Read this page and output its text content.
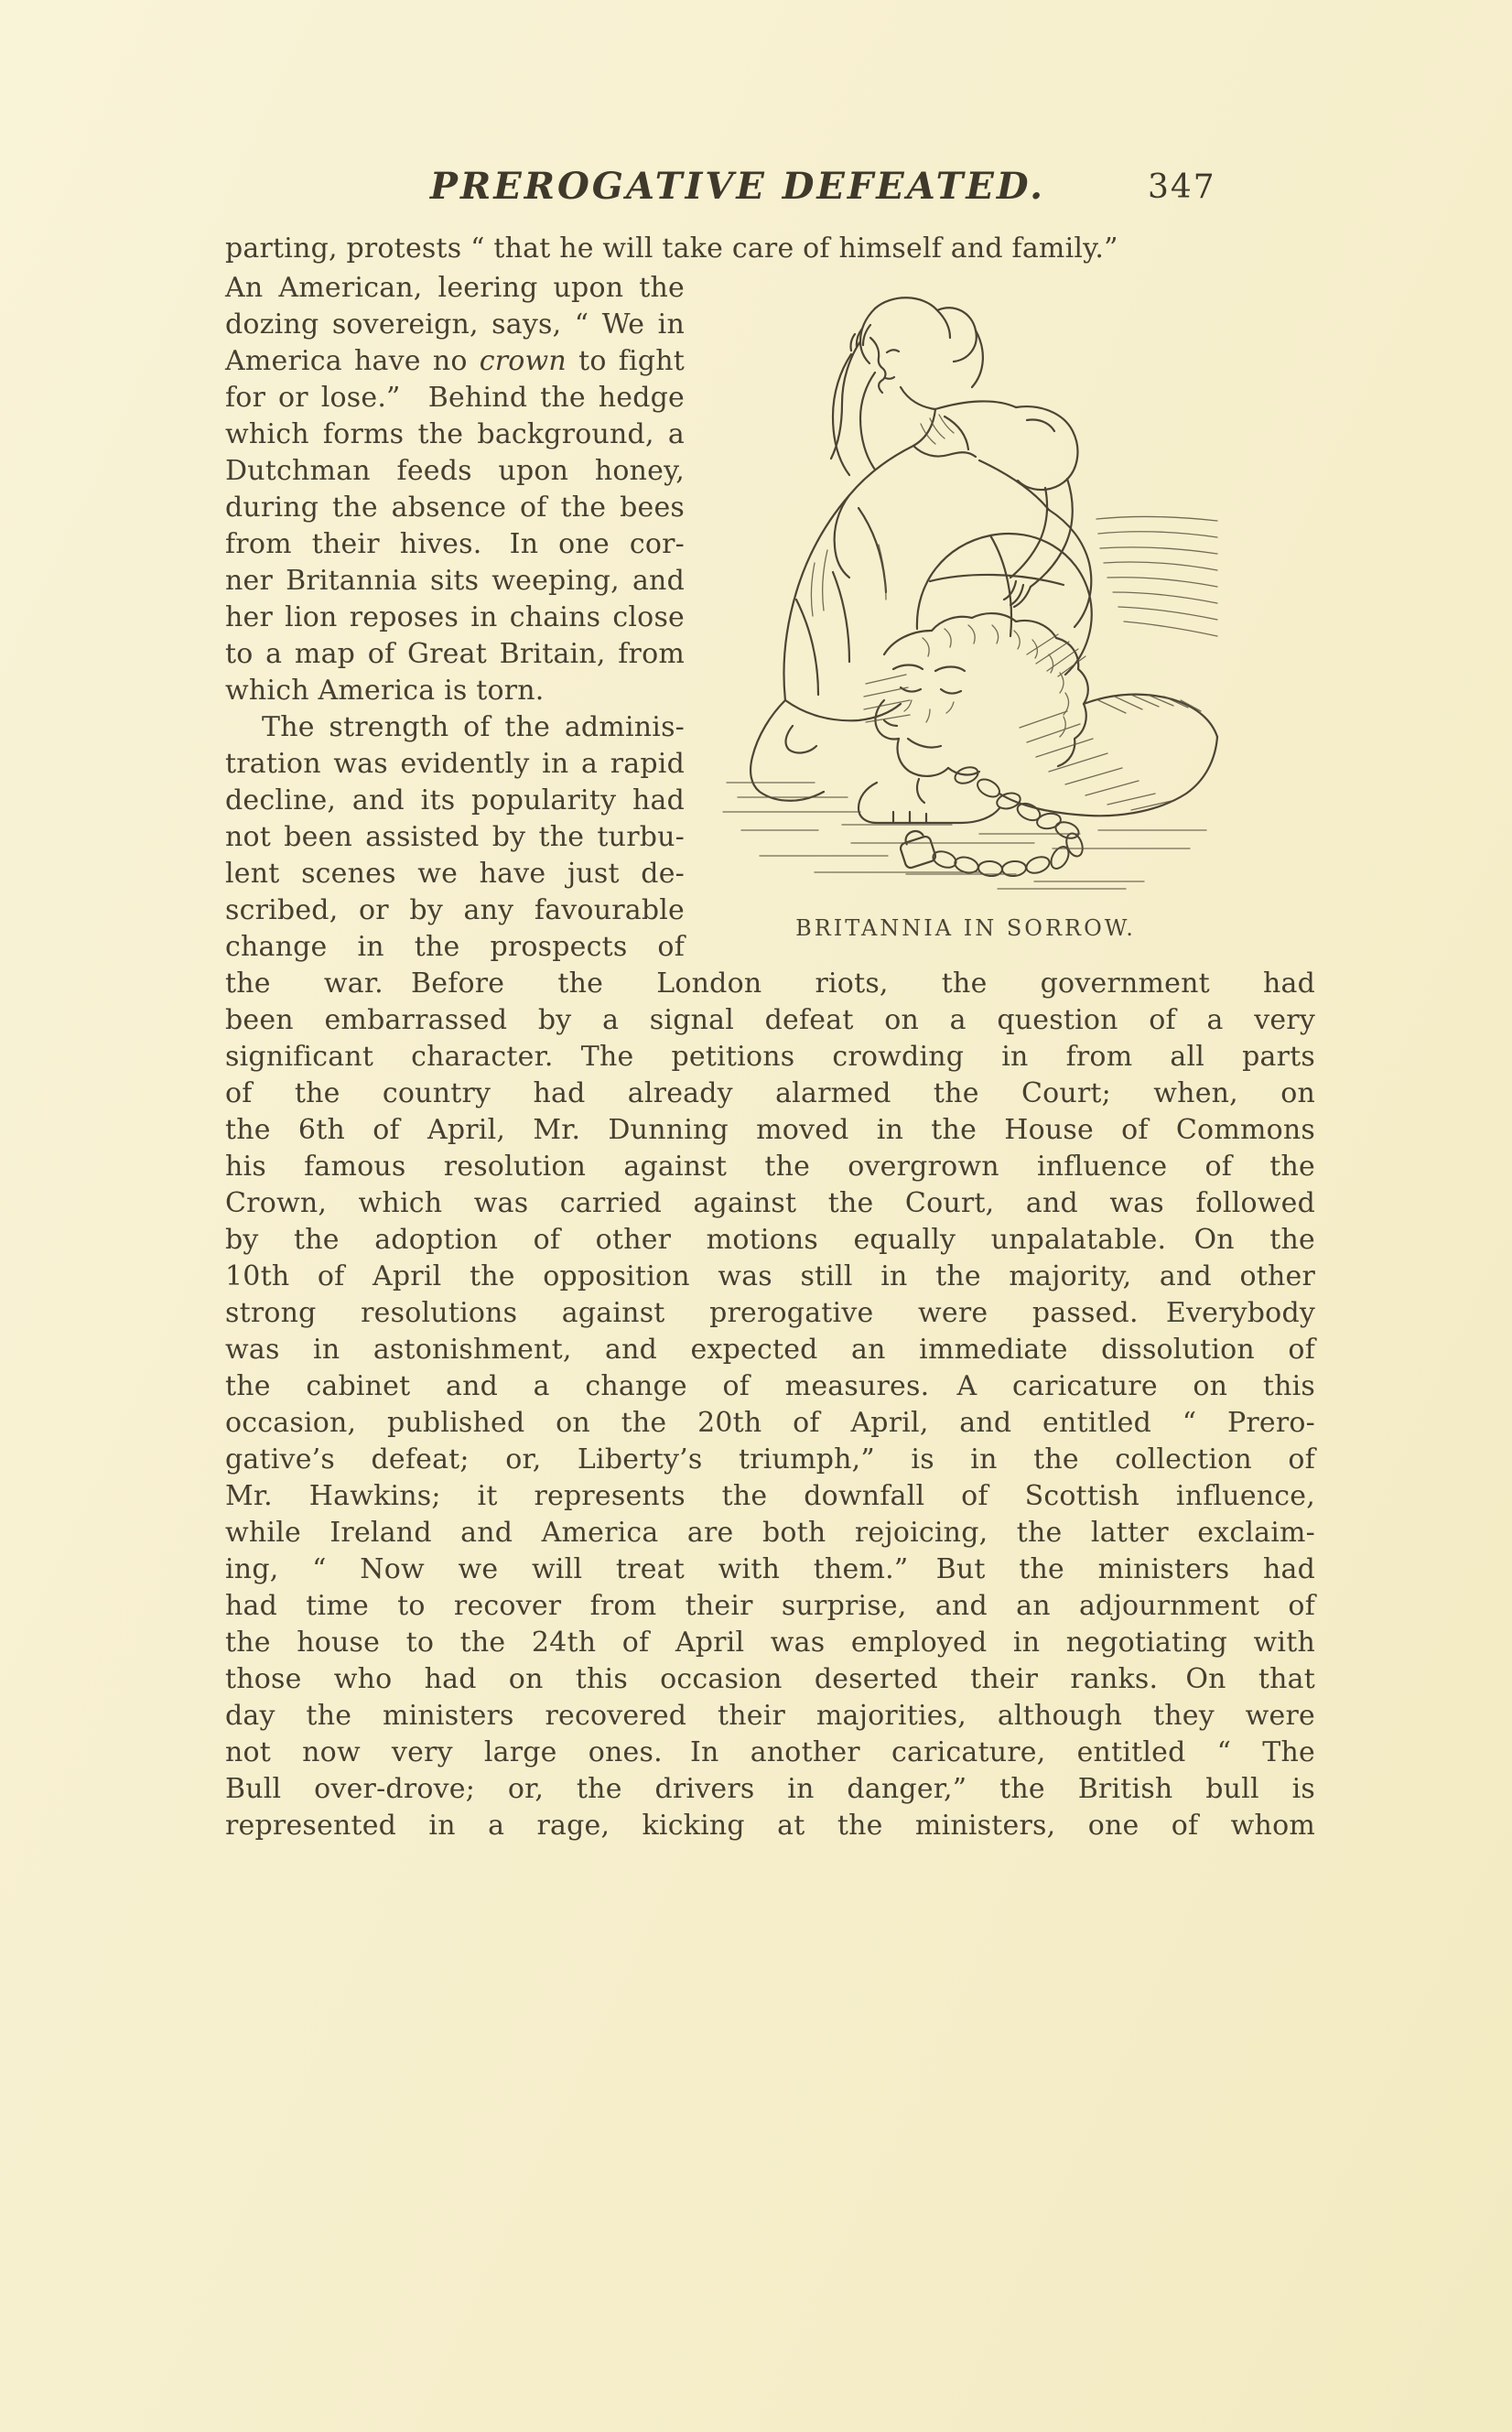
PREROGATIVE DEFEATED.	347
parting, protests “ that he will take care of himself and family.”
An American, leering upon the
dozing sovereign, says, “ We in
America have no crown to fight
for or lose.” Behind the hedge
which forms the background, a
Dutchman feeds upon honey,
during the absence of the bees
from their hives. In one cor-
ner Britannia sits weeping, and
her lion reposes in chains close
to a map of Great Britain, from
which America is torn.
The strength of the adminis-
tration was evidently in a rapid
decline, and its popularity had
not been assisted by the turbu-
lent scenes we have just de-
scribed, or by any favourable
change in the prospects of
BRITANNIA IN SORROW.
the war. Before the London riots, the government had
been embarrassed by a signal defeat on a question of a very
significant character. The petitions crowding in from all parts
of the country had already alarmed the Court; when, on
the 6th of April, Mr. Dunning moved in the House of Commons
his famous resolution against the overgrown influence of the
Crown, which was carried against the Court, and was followed
by the adoption of other motions equally unpalatable. On the
10th of April the opposition was still in the majority, and other
strong resolutions against prerogative were passed. Everybody
was in astonishment, and expected an immediate dissolution of
the cabinet and a change of measures. A caricature on this
occasion, published on the 20th of April, and entitled “ Prero-
gative’s defeat; or, Liberty’s triumph,” is in the collection of
Mr. Hawkins; it represents the downfall of Scottish influence,
while Ireland and America are both rejoicing, the latter exclaim-
ing, “ Now we will treat with them.” But the ministers had
had time to recover from their surprise, and an adjournment of
the house to the 24th of April was employed in negotiating with
those who had on this occasion deserted their ranks. On that
day the ministers recovered their majorities, although they were
not now very large ones. In another caricature, entitled “ The
Bull over-drove; or, the drivers in danger,” the British bull is
represented in a rage, kicking at the ministers, one of whom
